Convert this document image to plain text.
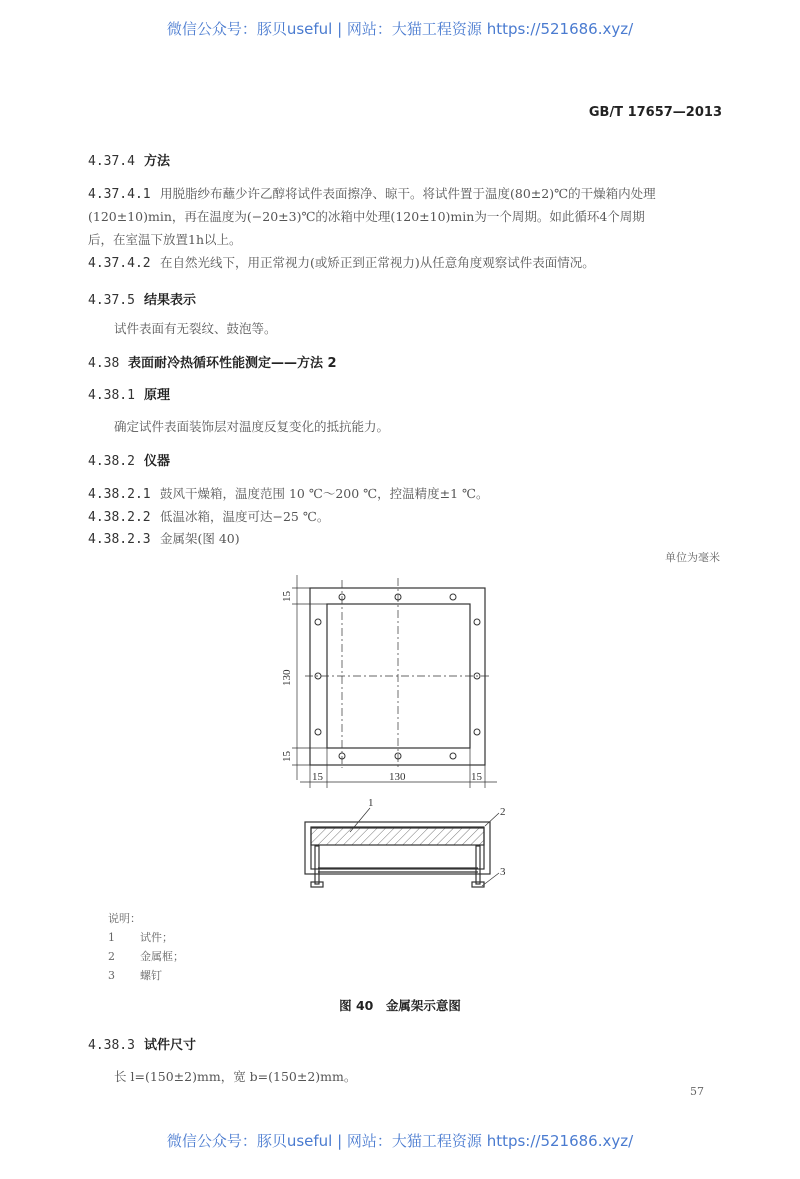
微信公众号：豚贝useful | 网站：大猫工程资源 https://521686.xyz/
GB/T 17657—2013
4.37.4 方法
4.37.4.1 用脱脂纱布蘸少许乙醇将试件表面擦净、晾干。将试件置于温度(80±2)℃的干燥箱内处理
(120±10)min，再在温度为(−20±3)℃的冰箱中处理(120±10)min为一个周期。如此循环4个周期
后，在室温下放置1h以上。
4.37.4.2 在自然光线下，用正常视力(或矫正到正常视力)从任意角度观察试件表面情况。
4.37.5 结果表示
试件表面有无裂纹、鼓泡等。
4.38 表面耐冷热循环性能测定——方法 2
4.38.1 原理
确定试件表面装饰层对温度反复变化的抵抗能力。
4.38.2 仪器
4.38.2.1 鼓风干燥箱，温度范围 10 ℃～200 ℃，控温精度±1 ℃。
4.38.2.2 低温冰箱，温度可达−25 ℃。
4.38.2.3 金属架(图 40)
单位为毫米
15
130
15
15	130	15
1
2
3
说明：
1 试件；
2 金属框；
3 螺钉
图 40　金属架示意图
4.38.3 试件尺寸
长 l=(150±2)mm，宽 b=(150±2)mm。
57
微信公众号：豚贝useful | 网站：大猫工程资源 https://521686.xyz/
